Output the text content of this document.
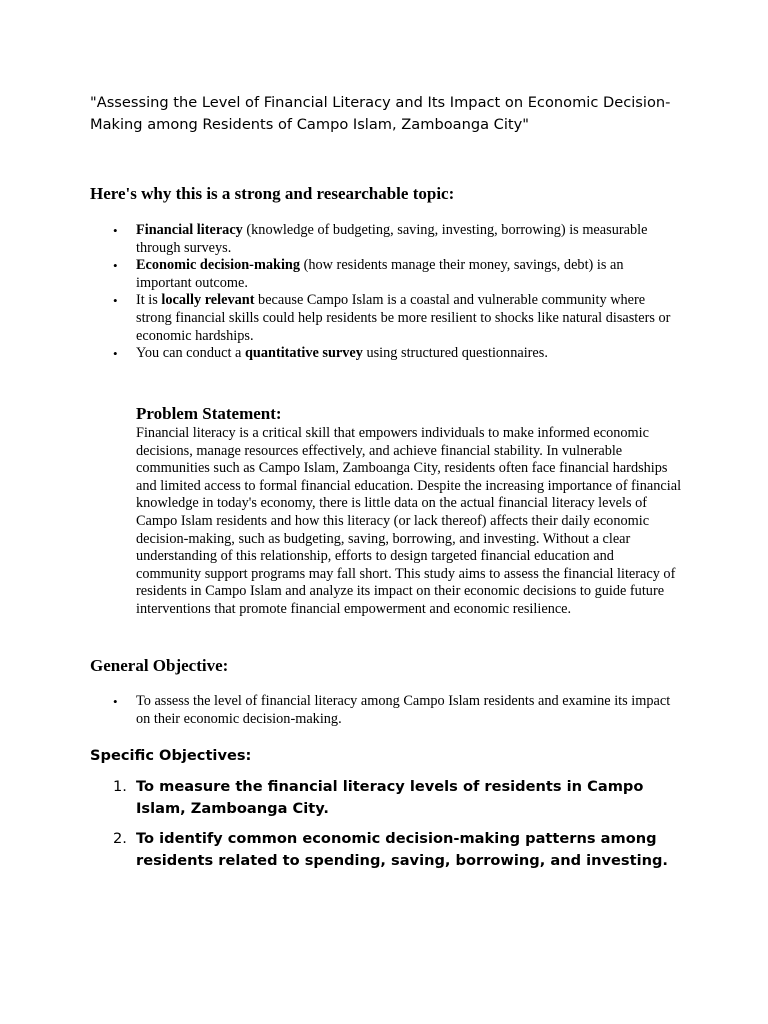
"Assessing the Level of Financial Literacy and Its Impact on Economic Decision-Making among Residents of Campo Islam, Zamboanga City"
Here's why this is a strong and researchable topic:
• Financial literacy (knowledge of budgeting, saving, investing, borrowing) is measurable through surveys.
• Economic decision-making (how residents manage their money, savings, debt) is an important outcome.
• It is locally relevant because Campo Islam is a coastal and vulnerable community where strong financial skills could help residents be more resilient to shocks like natural disasters or economic hardships.
• You can conduct a quantitative survey using structured questionnaires.
Problem Statement:

Financial literacy is a critical skill that empowers individuals to make informed economic decisions, manage resources effectively, and achieve financial stability. In vulnerable communities such as Campo Islam, Zamboanga City, residents often face financial hardships and limited access to formal financial education. Despite the increasing importance of financial knowledge in today's economy, there is little data on the actual financial literacy levels of Campo Islam residents and how this literacy (or lack thereof) affects their daily economic decision-making, such as budgeting, saving, borrowing, and investing. Without a clear understanding of this relationship, efforts to design targeted financial education and community support programs may fall short. This study aims to assess the financial literacy of residents in Campo Islam and analyze its impact on their economic decisions to guide future interventions that promote financial empowerment and economic resilience.

General Objective:
• To assess the level of financial literacy among Campo Islam residents and examine its impact on their economic decision-making.
Specific Objectives:
1. To measure the financial literacy levels of residents in Campo Islam, Zamboanga City.
2. To identify common economic decision-making patterns among residents related to spending, saving, borrowing, and investing.
